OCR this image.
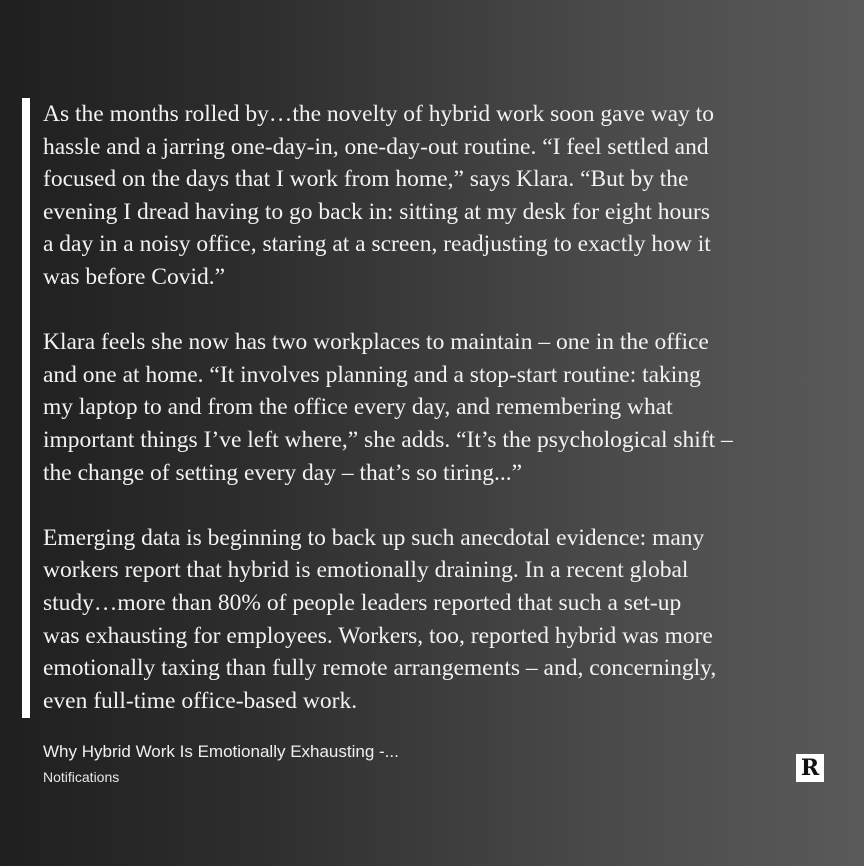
As the months rolled by…the novelty of hybrid work soon gave way to
hassle and a jarring one-day-in, one-day-out routine. “I feel settled and
focused on the days that I work from home,” says Klara. “But by the
evening I dread having to go back in: sitting at my desk for eight hours
a day in a noisy office, staring at a screen, readjusting to exactly how it
was before Covid.”

Klara feels she now has two workplaces to maintain – one in the office
and one at home. “It involves planning and a stop-start routine: taking
my laptop to and from the office every day, and remembering what
important things I’ve left where,” she adds. “It’s the psychological shift –
the change of setting every day – that’s so tiring...”

Emerging data is beginning to back up such anecdotal evidence: many
workers report that hybrid is emotionally draining. In a recent global
study…more than 80% of people leaders reported that such a set-up
was exhausting for employees. Workers, too, reported hybrid was more
emotionally taxing than fully remote arrangements – and, concerningly,
even full-time office-based work.

Why Hybrid Work Is Emotionally Exhausting -...
Notifications	R
